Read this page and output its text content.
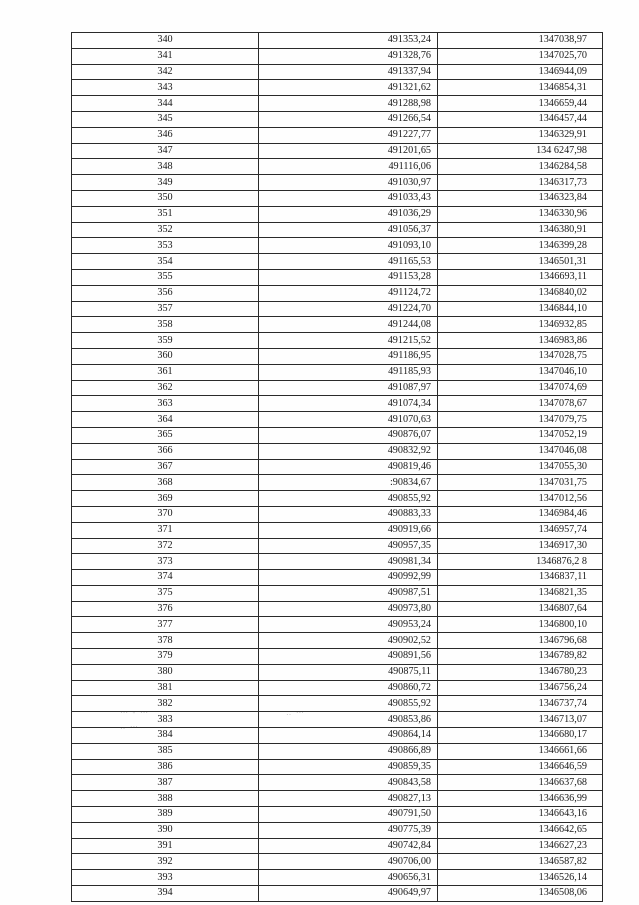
340	491353,24	1347038,97
341	491328,76	1347025,70
342	491337,94	1346944,09
343	491321,62	1346854,31
344	491288,98	1346659,44
345	491266,54	1346457,44
346	491227,77	1346329,91
347	491201,65	134 6247,98
348	491116,06	1346284,58
349	491030,97	1346317,73
350	491033,43	1346323,84
351	491036,29	1346330,96
352	491056,37	1346380,91
353	491093,10	1346399,28
354	491165,53	1346501,31
355	491153,28	1346693,11
356	491124,72	1346840,02
357	491224,70	1346844,10
358	491244,08	1346932,85
359	491215,52	1346983,86
360	491186,95	1347028,75
361	491185,93	1347046,10
362	491087,97	1347074,69
363	491074,34	1347078,67
364	491070,63	1347079,75
365	490876,07	1347052,19
366	490832,92	1347046,08
367	490819,46	1347055,30
368	:90834,67	1347031,75
369	490855,92	1347012,56
370	490883,33	1346984,46
371	490919,66	1346957,74
372	490957,35	1346917,30
373	490981,34	1346876,2 8
374	490992,99	1346837,11
375	490987,51	1346821,35
376	490973,80	1346807,64
377	490953,24	1346800,10
378	490902,52	1346796,68
379	490891,56	1346789,82
380	490875,11	1346780,23
381	490860,72	1346756,24
382	490855,92	1346737,74
383	490853,86	1346713,07
384	490864,14	1346680,17
385	490866,89	1346661,66
386	490859,35	1346646,59
387	490843,58	1346637,68
388	490827,13	1346636,99
389	490791,50	1346643,16
390	490775,39	1346642,65
391	490742,84	1346627,23
392	490706,00	1346587,82
393	490656,31	1346526,14
394	490649,97	1346508,06
⋯ ‐ ⋯
‥ ⋯
‥ ⋯
